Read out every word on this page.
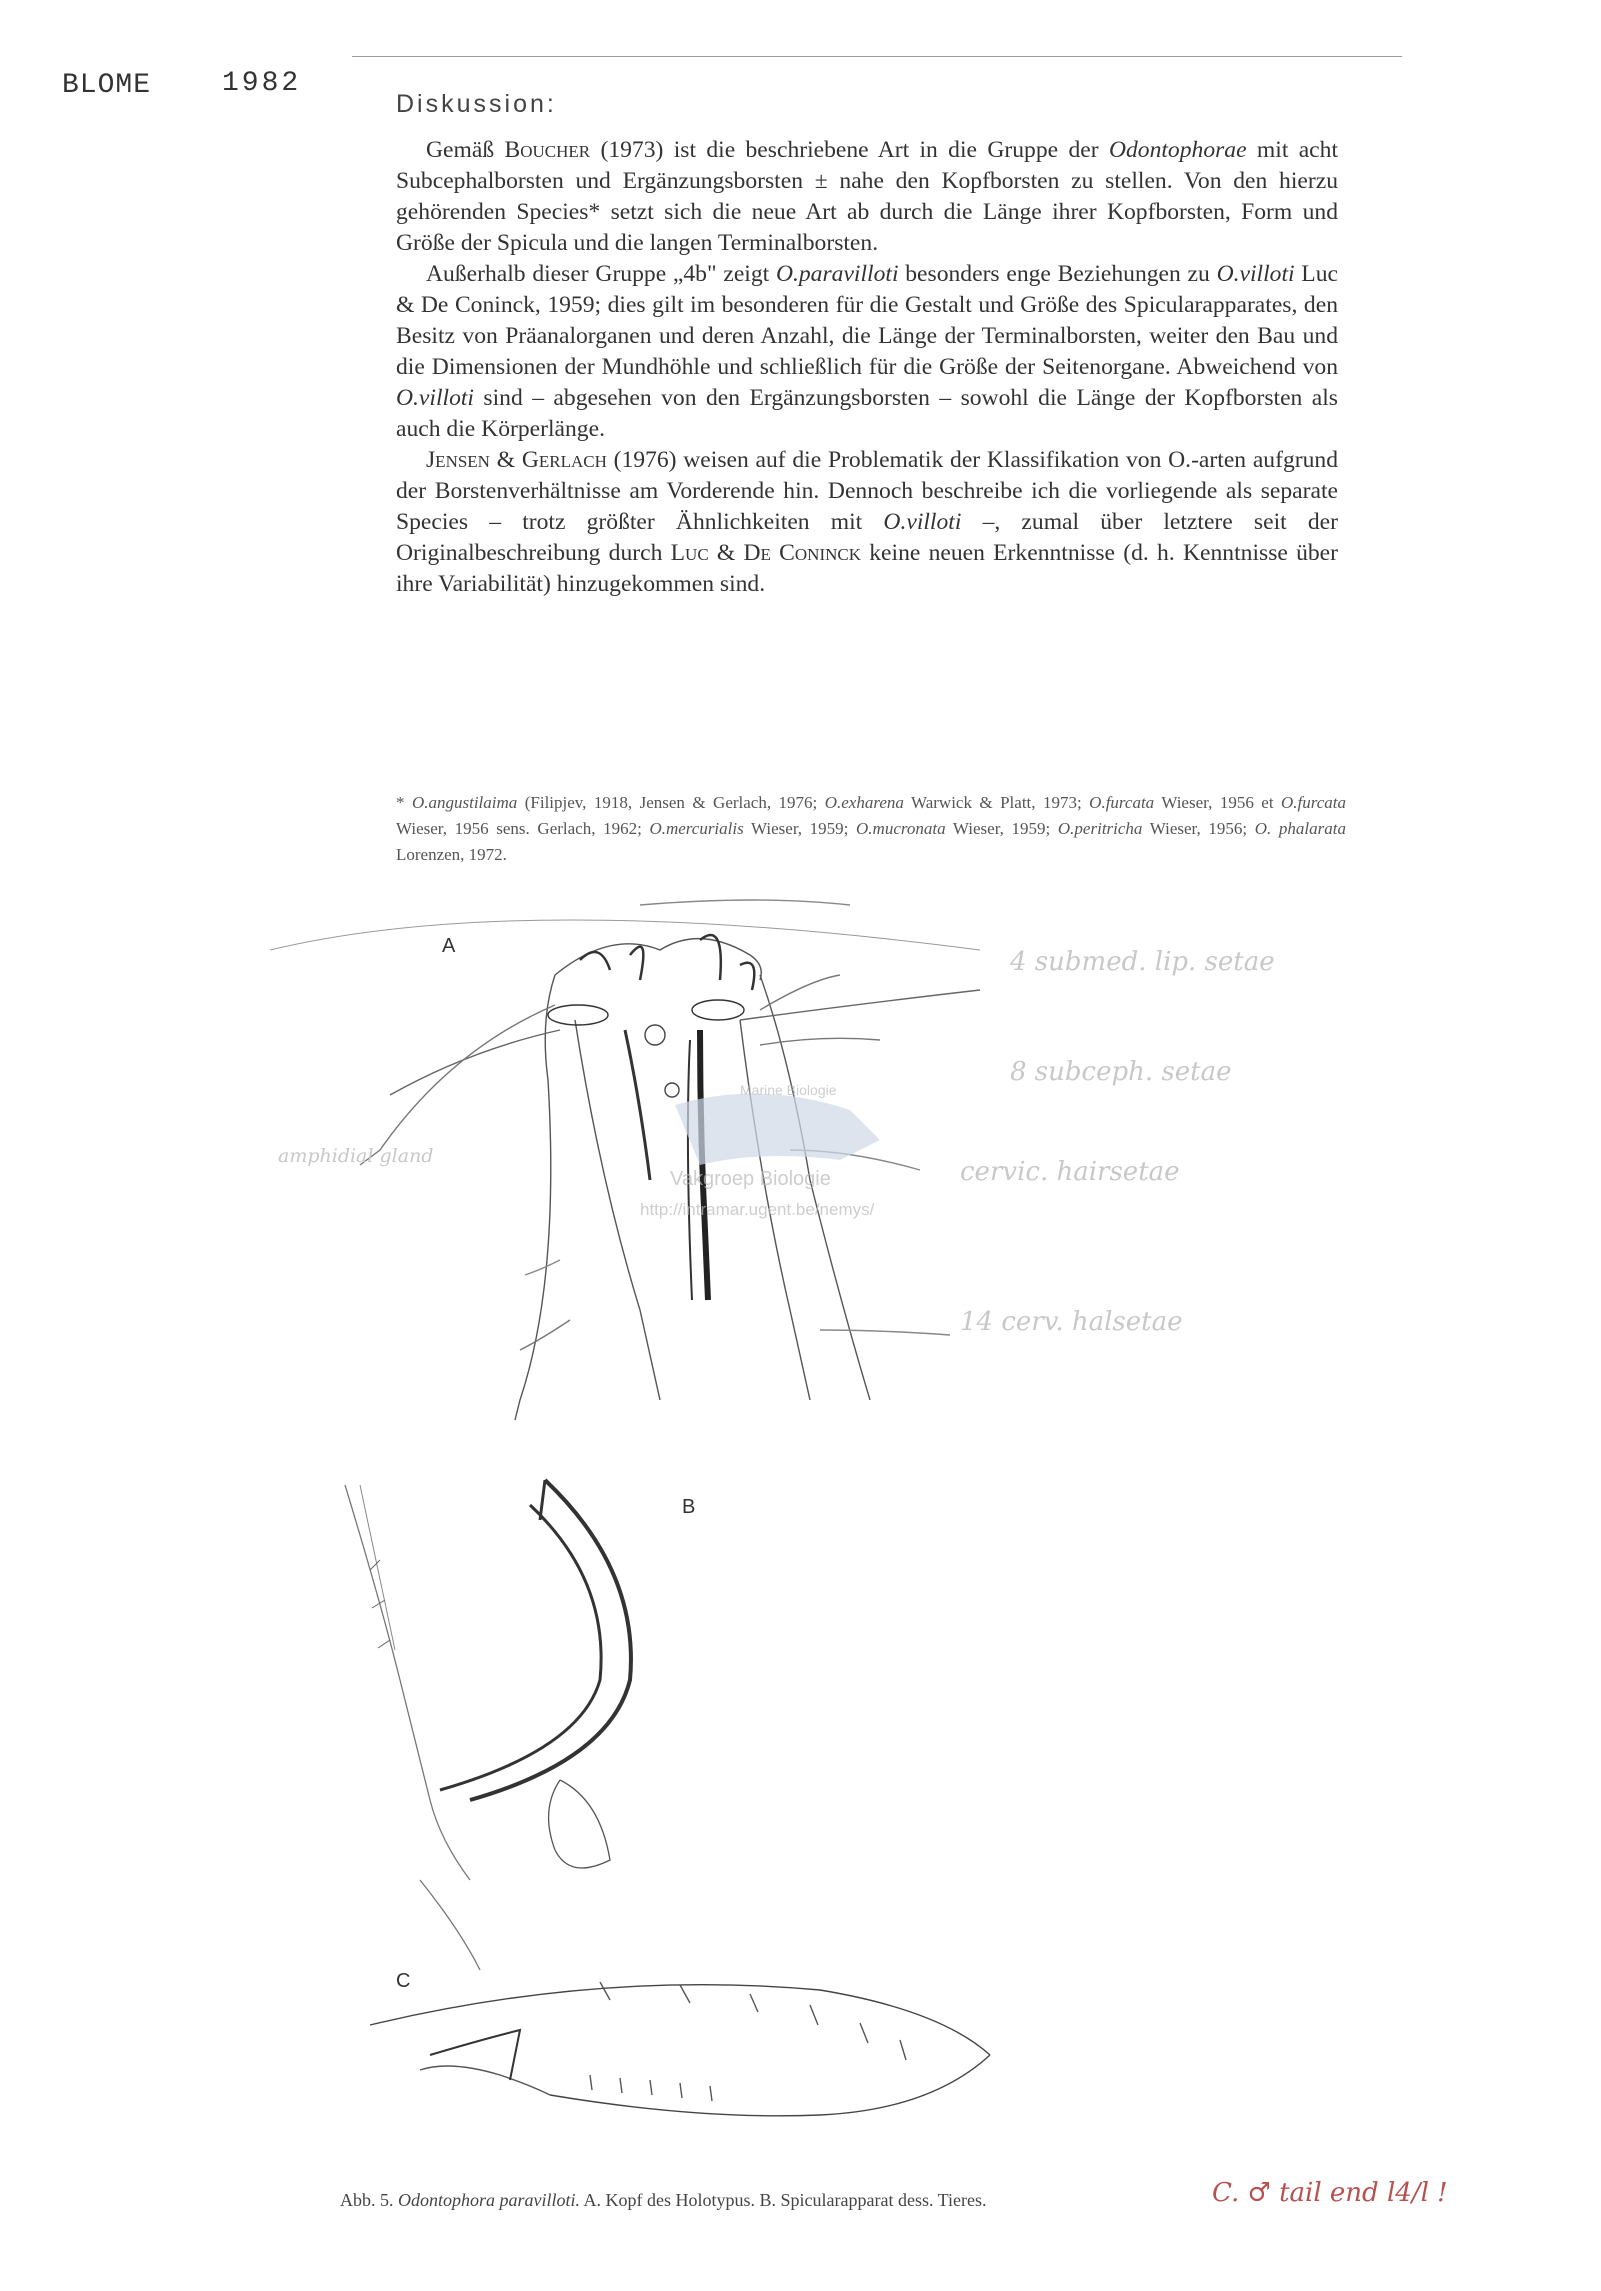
BLOME	1982
Diskussion:

Gemäß Boucher (1973) ist die beschriebene Art in die Gruppe der Odontophorae mit acht Subcephalborsten und Ergänzungsborsten ± nahe den Kopfborsten zu stellen. Von den hierzu gehörenden Species* setzt sich die neue Art ab durch die Länge ihrer Kopfborsten, Form und Größe der Spicula und die langen Terminalborsten.

Außerhalb dieser Gruppe „4b" zeigt O.paravilloti besonders enge Beziehungen zu O.villoti Luc & De Coninck, 1959; dies gilt im besonderen für die Gestalt und Größe des Spicularapparates, den Besitz von Präanalorganen und deren Anzahl, die Länge der Terminalborsten, weiter den Bau und die Dimensionen der Mundhöhle und schließlich für die Größe der Seitenorgane. Abweichend von O.villoti sind – abgesehen von den Ergänzungsborsten – sowohl die Länge der Kopfborsten als auch die Körperlänge.

Jensen & Gerlach (1976) weisen auf die Problematik der Klassifikation von O.-arten aufgrund der Borstenverhältnisse am Vorderende hin. Dennoch beschreibe ich die vorliegende als separate Species – trotz größter Ähnlichkeiten mit O.villoti –, zumal über letztere seit der Originalbeschreibung durch Luc & De Coninck keine neuen Erkenntnisse (d. h. Kenntnisse über ihre Variabilität) hinzugekommen sind.

* O.angustilaima (Filipjev, 1918, Jensen & Gerlach, 1976; O.exharena Warwick & Platt, 1973; O.furcata Wieser, 1956 et O.furcata Wieser, 1956 sens. Gerlach, 1962; O.mercurialis Wieser, 1959; O.mucronata Wieser, 1959; O.peritricha Wieser, 1956; O. phalarata Lorenzen, 1972.
A
4 submed. lip. setae
8 subceph. setae
cervic. hairsetae
14 cerv. halsetae
amphidial gland
Marine Biologie
Vakgroep Biologie
http://intramar.ugent.be/nemys/
B
C
Abb. 5. Odontophora paravilloti. A. Kopf des Holotypus. B. Spicularapparat dess. Tieres.	C. ♂ tail end l4/l !
